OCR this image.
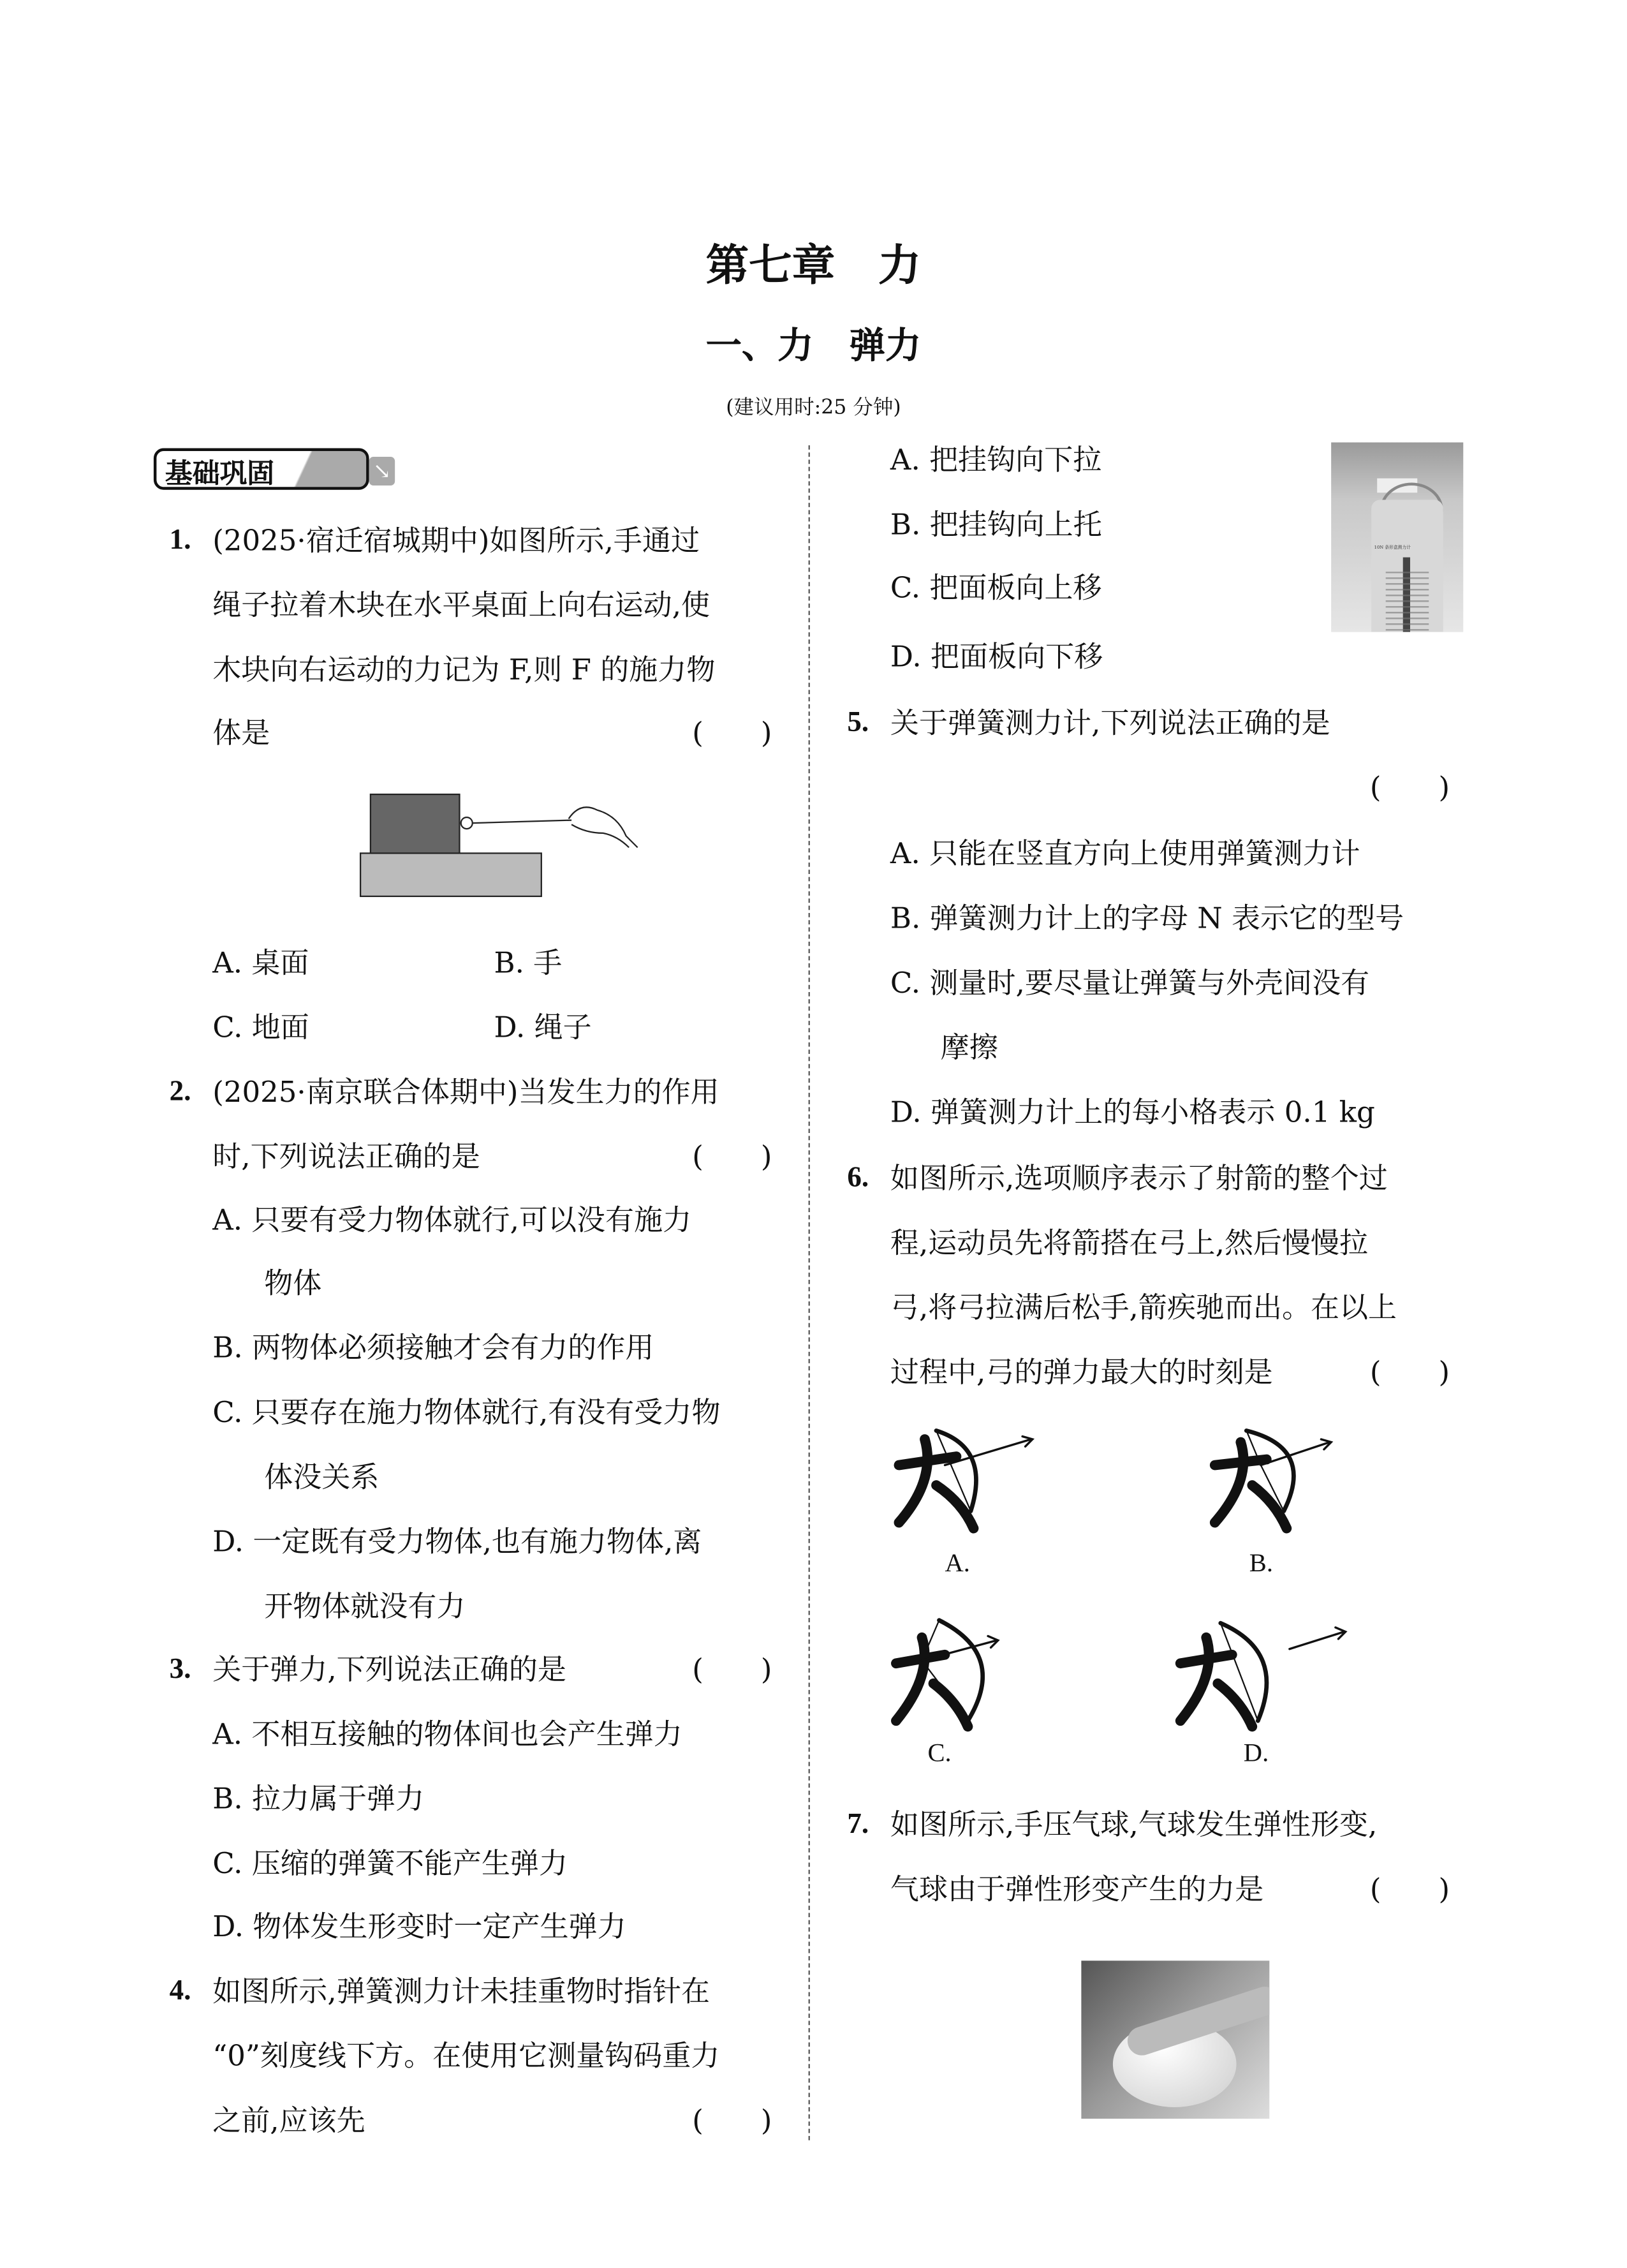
第七章　力
一、力　弹力
(建议用时:25 分钟)
基础巩固	↘
1. (2025·宿迁宿城期中)如图所示,手通过
绳子拉着木块在水平桌面上向右运动,使
木块向右运动的力记为 F,则 F 的施力物
体是	(　　)
A. 桌面	B. 手
C. 地面	D. 绳子
2. (2025·南京联合体期中)当发生力的作用
时,下列说法正确的是	(　　)
A. 只要有受力物体就行,可以没有施力
物体
B. 两物体必须接触才会有力的作用
C. 只要存在施力物体就行,有没有受力物
体没关系
D. 一定既有受力物体,也有施力物体,离
开物体就没有力
3. 关于弹力,下列说法正确的是	(　　)
A. 不相互接触的物体间也会产生弹力
B. 拉力属于弹力
C. 压缩的弹簧不能产生弹力
D. 物体发生形变时一定产生弹力
4. 如图所示,弹簧测力计未挂重物时指针在
“0”刻度线下方。在使用它测量钩码重力
之前,应该先	(　　)
A. 把挂钩向下拉
B. 把挂钩向上托
C. 把面板向上移
D. 把面板向下移
10N 条形盒测力计
5. 关于弹簧测力计,下列说法正确的是
(　　)
A. 只能在竖直方向上使用弹簧测力计
B. 弹簧测力计上的字母 N 表示它的型号
C. 测量时,要尽量让弹簧与外壳间没有
摩擦
D. 弹簧测力计上的每小格表示 0.1 kg
6. 如图所示,选项顺序表示了射箭的整个过
程,运动员先将箭搭在弓上,然后慢慢拉
弓,将弓拉满后松手,箭疾驰而出。在以上
过程中,弓的弹力最大的时刻是	(　　)
A.	B.
C.	D.
7. 如图所示,手压气球,气球发生弹性形变,
气球由于弹性形变产生的力是	(　　)
